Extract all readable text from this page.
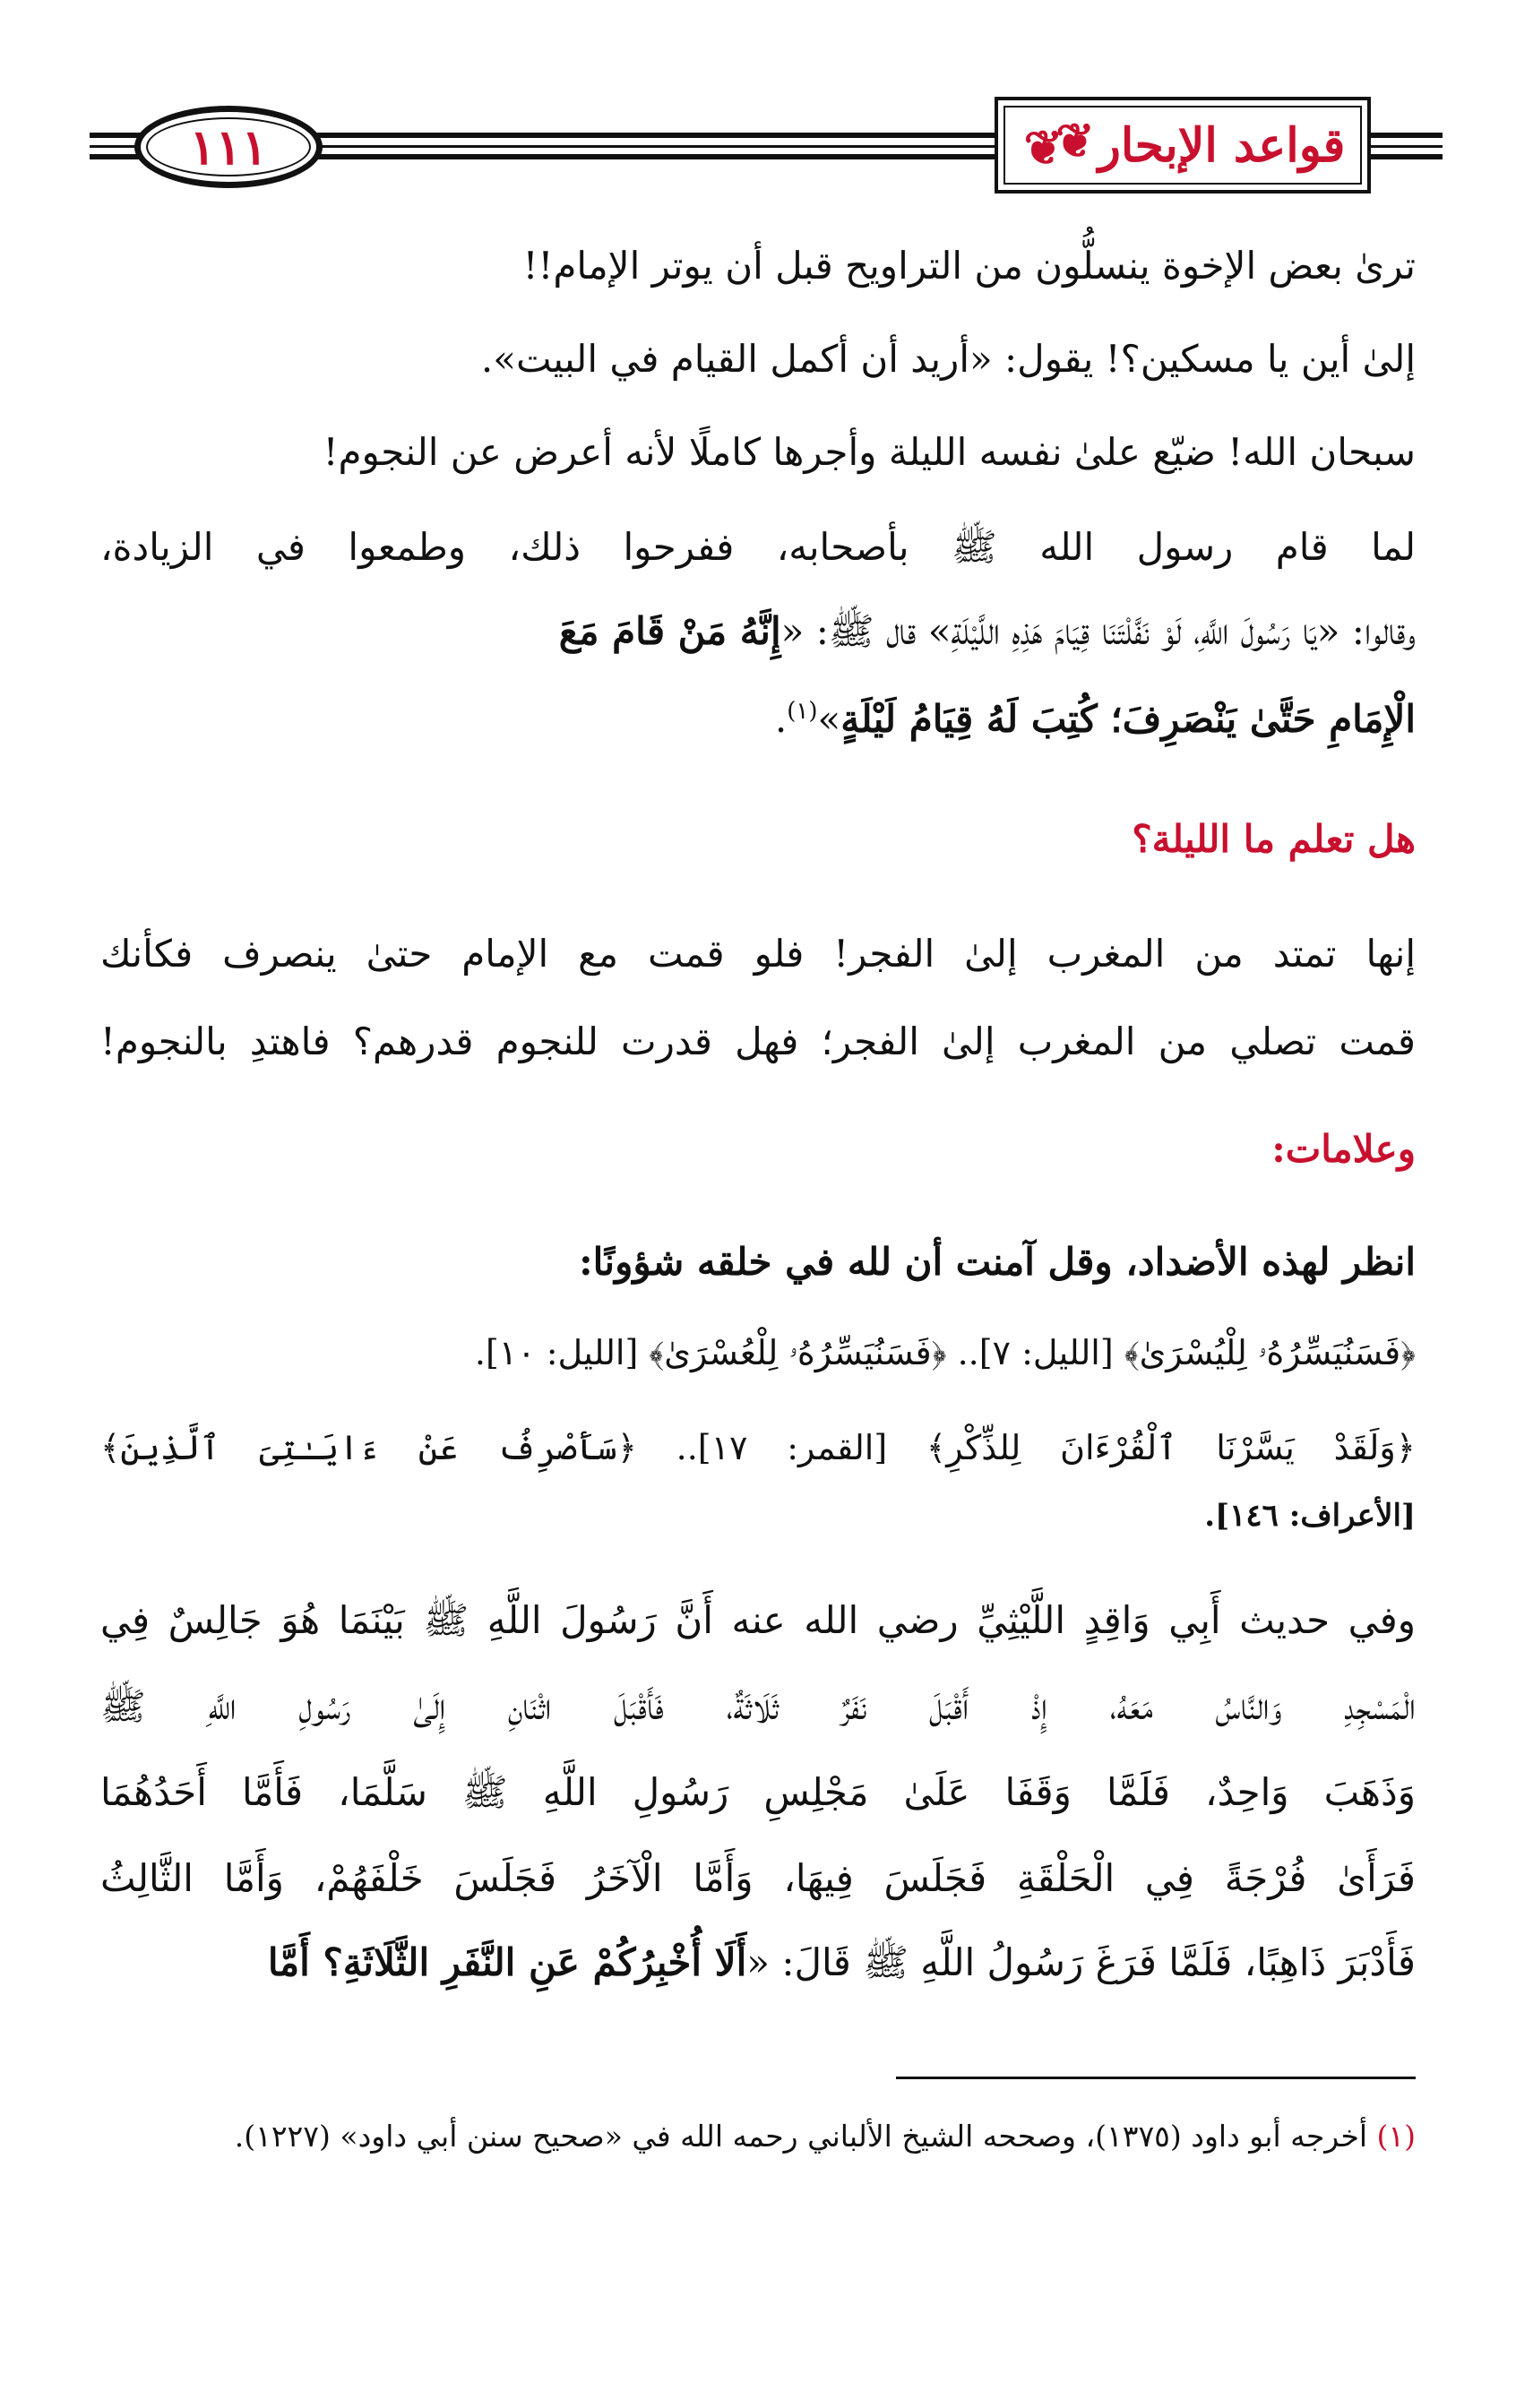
١١١	❦
❦ قواعد الإبحار
ترىٰ بعض الإخوة ينسلُّون من التراويح قبل أن يوتر الإمام!!
إلىٰ أين يا مسكين؟! يقول: «أريد أن أكمل القيام في البيت».
سبحان الله! ضيّع علىٰ نفسه الليلة وأجرها كاملًا لأنه أعرض عن النجوم!
لما قام رسول الله ﷺ بأصحابه، ففرحوا ذلك، وطمعوا في الزيادة،
وقالوا: «يَا رَسُولَ اللَّهِ، لَوْ نَفَّلْتَنَا قِيَامَ هَذِهِ اللَّيْلَةِ» قال ﷺ: «إِنَّهُ مَنْ قَامَ مَعَ
الْإِمَامِ حَتَّىٰ يَنْصَرِفَ؛ كُتِبَ لَهُ قِيَامُ لَيْلَةٍ»$^{(١)}$.
هل تعلم ما الليلة؟
إنها تمتد من المغرب إلىٰ الفجر! فلو قمت مع الإمام حتىٰ ينصرف فكأنك
قمت تصلي من المغرب إلىٰ الفجر؛ فهل قدرت للنجوم قدرهم؟ فاهتدِ بالنجوم!
وعلامات:
انظر لهذه الأضداد، وقل آمنت أن لله في خلقه شؤونًا:
﴿فَسَنُيَسِّرُهُۥ لِلْيُسْرَىٰ﴾ [الليل: ٧].. ﴿فَسَنُيَسِّرُهُۥ لِلْعُسْرَىٰ﴾ [الليل: ١٠].
﴿وَلَقَدْ يَسَّرْنَا ٱلْقُرْءَانَ لِلذِّكْرِ﴾ [القمر: ١٧].. ﴿سَأَصْرِفُ عَنْ ءَايَـٰتِىَ ٱلَّذِينَ﴾
[الأعراف: ١٤٦].
وفي حديث أَبِي وَاقِدٍ اللَّيْثِيِّ رضي الله عنه أَنَّ رَسُولَ اللَّهِ ﷺ بَيْنَمَا هُوَ جَالِسٌ فِي
الْمَسْجِدِ وَالنَّاسُ مَعَهُ، إِذْ أَقْبَلَ نَفَرٌ ثَلَاثَةٌ، فَأَقْبَلَ اثْنَانِ إِلَىٰ رَسُولِ اللَّهِ ﷺ
وَذَهَبَ وَاحِدٌ، فَلَمَّا وَقَفَا عَلَىٰ مَجْلِسِ رَسُولِ اللَّهِ ﷺ سَلَّمَا، فَأَمَّا أَحَدُهُمَا
فَرَأَىٰ فُرْجَةً فِي الْحَلْقَةِ فَجَلَسَ فِيهَا، وَأَمَّا الْآخَرُ فَجَلَسَ خَلْفَهُمْ، وَأَمَّا الثَّالِثُ
فَأَدْبَرَ ذَاهِبًا، فَلَمَّا فَرَغَ رَسُولُ اللَّهِ ﷺ قَالَ: «أَلَا أُخْبِرُكُمْ عَنِ النَّفَرِ الثَّلَاثَةِ؟ أَمَّا
(١) أخرجه أبو داود (١٣٧٥)، وصححه الشيخ الألباني رحمه الله في «صحيح سنن أبي داود» (١٢٢٧).
